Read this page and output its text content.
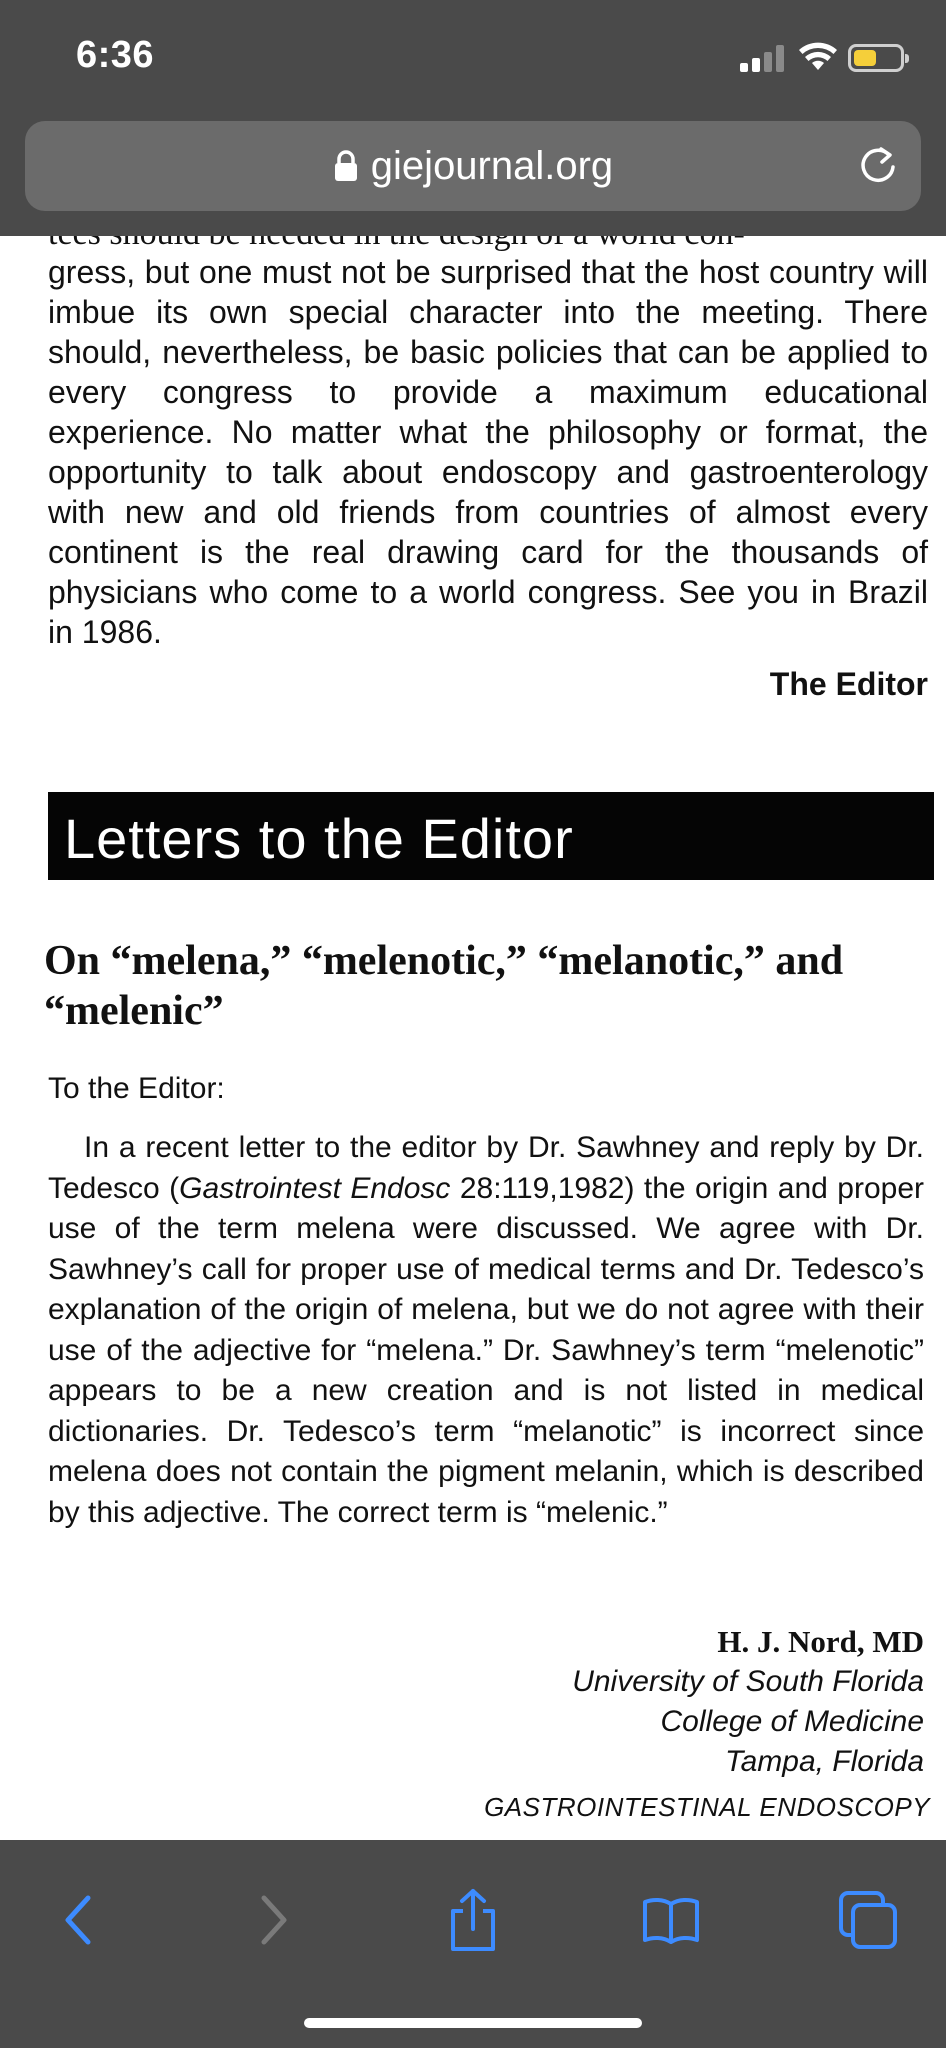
6:36
giejournal.org

gress, but one must not be surprised that the host country will imbue its own special character into the meeting. There should, nevertheless, be basic policies that can be applied to every congress to provide a maximum educational experience. No matter what the philosophy or format, the opportunity to talk about endoscopy and gastroenterology with new and old friends from countries of almost every continent is the real drawing card for the thousands of physicians who come to a world congress. See you in Brazil in 1986.

The Editor
Letters to the Editor
On “melena,” “melenotic,” “melanotic,” and “melenic”
To the Editor:

In a recent letter to the editor by Dr. Sawhney and reply by Dr. Tedesco (Gastrointest Endosc 28:119,1982) the origin and proper use of the term melena were discussed. We agree with Dr. Sawhney’s call for proper use of medical terms and Dr. Tedesco’s explanation of the origin of melena, but we do not agree with their use of the adjective for “melena.” Dr. Sawhney’s term “melenotic” appears to be a new creation and is not listed in medical dictionaries. Dr. Tedesco’s term “melanotic” is incorrect since melena does not contain the pigment melanin, which is described by this adjective. The correct term is “melenic.”

H. J. Nord, MD
University of South Florida
College of Medicine
Tampa, Florida
GASTROINTESTINAL ENDOSCOPY
